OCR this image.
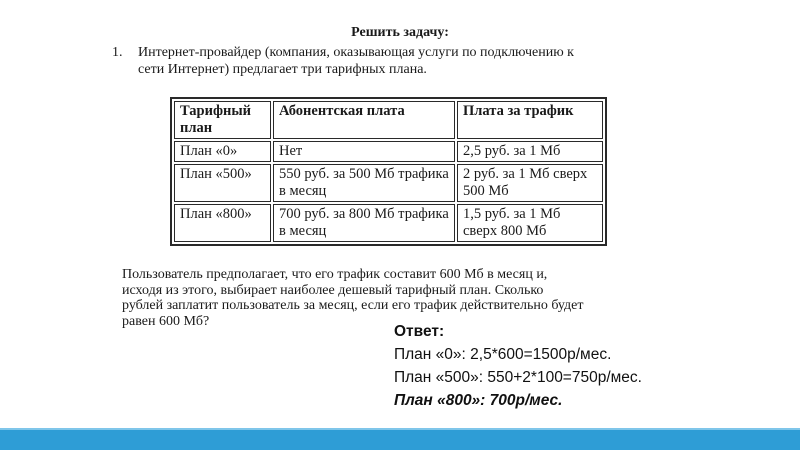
Решить задачу:
1. Интернет-провайдер (компания, оказывающая услуги по подключению к
сети Интернет) предлагает три тарифных плана.
Тарифный план	Абонентская плата	Плата за трафик
План «0»	Нет	2,5 руб. за 1 Мб
План «500»	550 руб. за 500 Мб трафика в месяц	2 руб. за 1 Мб сверх 500 Мб
План «800»	700 руб. за 800 Мб трафика в месяц	1,5 руб. за 1 Мб сверх 800 Мб
Пользователь предполагает, что его трафик составит 600 Мб в месяц и,
исходя из этого, выбирает наиболее дешевый тарифный план. Сколько
рублей заплатит пользователь за месяц, если его трафик действительно будет
равен 600 Мб?
Ответ:
План «0»: 2,5*600=1500р/мес.
План «500»: 550+2*100=750р/мес.
План «800»: 700р/мес.
